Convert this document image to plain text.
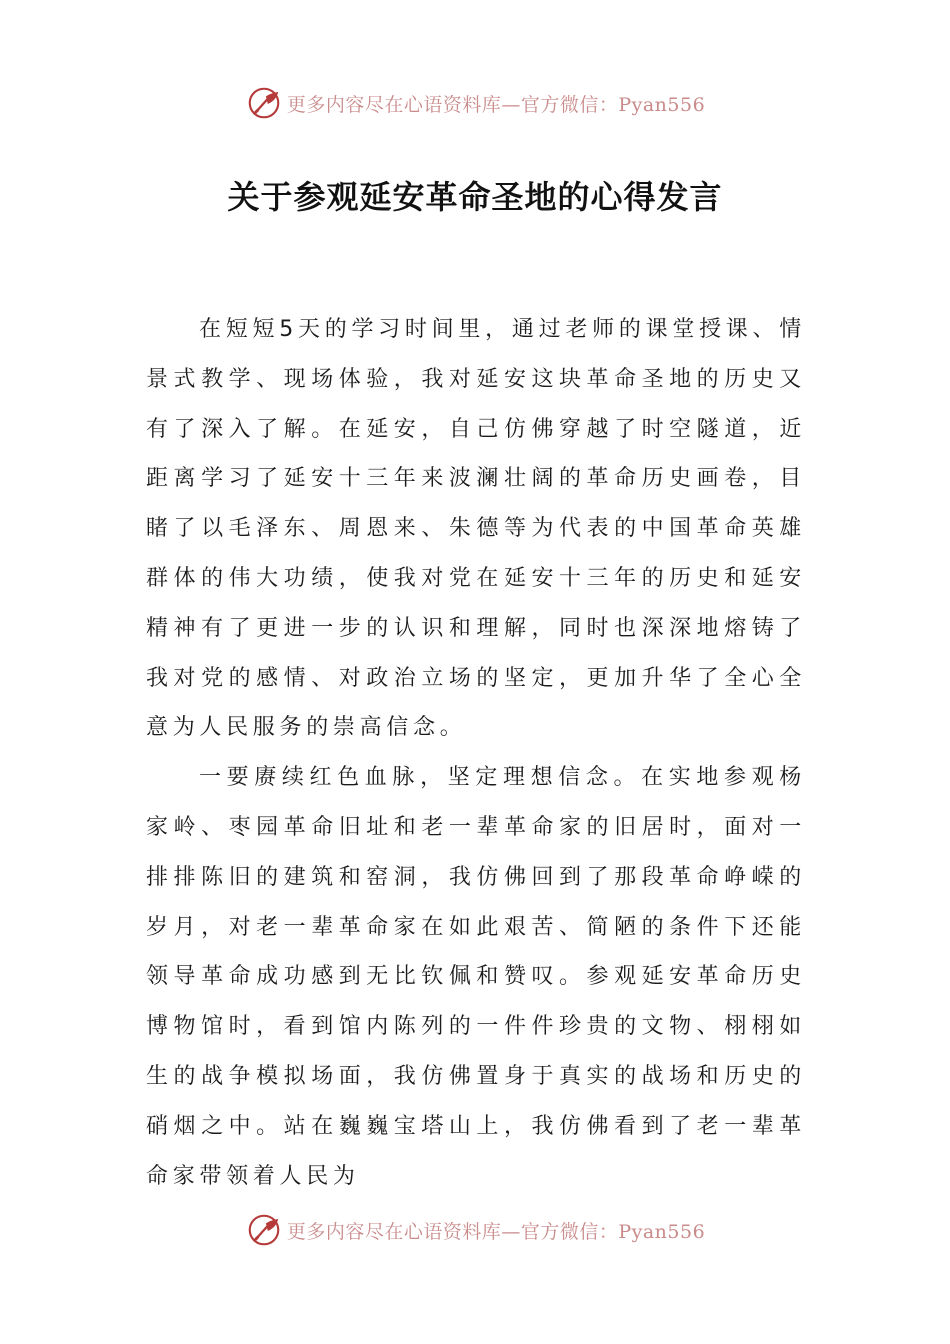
更多内容尽在心语资料库—官方微信：Pyan556
关于参观延安革命圣地的心得发言

在短短5天的学习时间里，通过老师的课堂授课、情景式教学、现场体验，我对延安这块革命圣地的历史又有了深入了解。在延安，自己仿佛穿越了时空隧道，近距离学习了延安十三年来波澜壮阔的革命历史画卷，目睹了以毛泽东、周恩来、朱德等为代表的中国革命英雄群体的伟大功绩，使我对党在延安十三年的历史和延安精神有了更进一步的认识和理解，同时也深深地熔铸了我对党的感情、对政治立场的坚定，更加升华了全心全意为人民服务的崇高信念。

一要赓续红色血脉，坚定理想信念。在实地参观杨家岭、枣园革命旧址和老一辈革命家的旧居时，面对一排排陈旧的建筑和窑洞，我仿佛回到了那段革命峥嵘的岁月，对老一辈革命家在如此艰苦、简陋的条件下还能领导革命成功感到无比钦佩和赞叹。参观延安革命历史博物馆时，看到馆内陈列的一件件珍贵的文物、栩栩如生的战争模拟场面，我仿佛置身于真实的战场和历史的硝烟之中。站在巍巍宝塔山上，我仿佛看到了老一辈革命家带领着人民为

更多内容尽在心语资料库—官方微信：Pyan556
